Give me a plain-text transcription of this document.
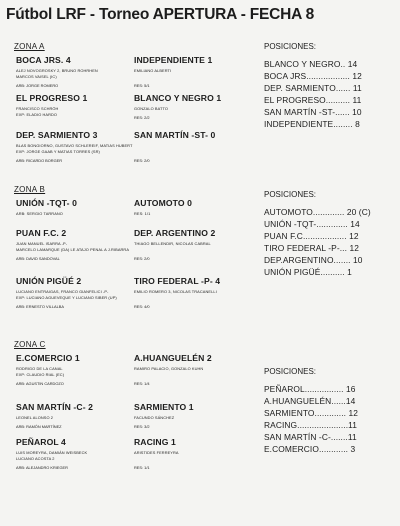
Fútbol LRF - Torneo APERTURA - FECHA 8
ZONA A
BOCA JRS. 4
ALEJ NOVOGROSKY 2, BRUNO ROHRHEN
MARCOS VAISEL (IC)
ARB: JORGE ROMERO
INDEPENDIENTE 1
EMILIANO ALBERTI
RES: 5/1
EL PROGRESO 1
FRANCISCO SCHRÖH
EXP: ELADIO HARDO
BLANCO Y NEGRO 1
GONZALO BATTO
RES: 2/2
DEP. SARMIENTO 3
BLAS BONGIORNO, GUSTAVO SCHLEREIF, MATIAS HUBERT
EXP: JORGE GAAB Y MATIAS TORRES (SR)
ARB: RICARDO BORGER
SAN MARTÍN -ST- 0
RES: 2/0
ZONA B
UNIÓN -TQT- 0
ARB: SERGIO TARRANO
AUTOMOTO 0
RES: 1/1
PUAN F.C. 2
JUAN MANUEL ISARRA -P-
MARCELO LAMARQUE (DA) LE ATAJO PENAL A J.RIBARRA
ARB: DAVID SANDOVAL
DEP. ARGENTINO 2
THIAGO BELLENDIR, NICOLAS CABRAL
RES: 2/0
UNIÓN PIGÜÉ 2
LUCIANO ENTRAIGAS, FRANCO GIANFELICI -P-
EXP: LUCIANO AGUEVEQUE Y LUCIANO SIBER (UP)
ARB: ERNESTO VILLALBA
TIRO FEDERAL -P- 4
EMILIO ROMERO 3, NICOLAS TRACANELLI
RES: 4/0
ZONA C
E.COMERCIO 1
RODRIGO DE LA CANAL
EXP: CLAUDIO RIAL (EC)
ARB: AGUSTIN CARDOZO
A.HUANGUELÉN 2
RAMIRO PALACIO, GONZALO KUHN
RES: 1/4
SAN MARTÍN -C- 2
LEONEL ALONSO 2
ARB: RAMÓN MARTÍNEZ
SARMIENTO 1
FACUNDO SÁNCHEZ
RES: 3/2
PEÑAROL 4
LUIS MOREYRA, DAMIÁN WEISBECK
LUCIANO ACOSTA 2
ARB: ALEJANDRO KRIEGER
RACING 1
ARISTIDES FERREYRA
RES: 1/1
POSICIONES:
BLANCO Y NEGRO.. 14
BOCA JRS.................. 12
DEP. SARMIENTO...... 11
EL PROGRESO.......... 11
SAN MARTÍN -ST-...... 10
INDEPENDIENTE........ 8
POSICIONES:
AUTOMOTO............. 20 (C)
UNIÓN -TQT-............. 14
PUAN F.C.................. 12
TIRO FEDERAL -P-... 12
DEP.ARGENTINO....... 10
UNIÓN PIGÜÉ.......... 1
POSICIONES:
PEÑAROL................ 16
A.HUANGUELÉN......14
SARMIENTO............. 12
RACING.....................11
SAN MARTÍN -C-.......11
E.COMERCIO............ 3
